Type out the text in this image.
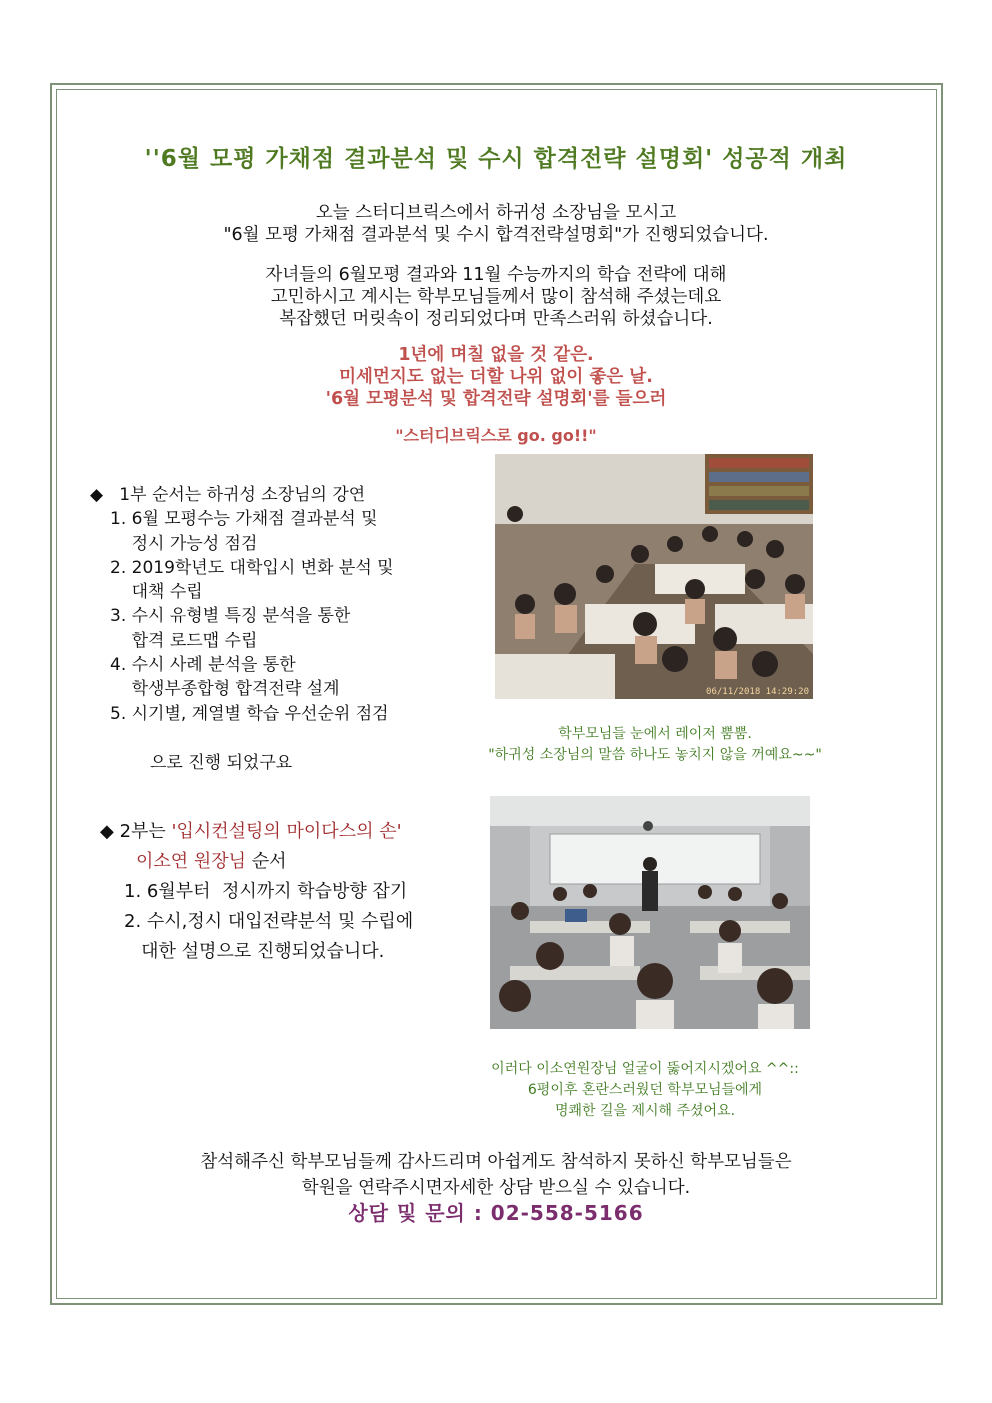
''6월 모평 가채점 결과분석 및 수시 합격전략 설명회' 성공적 개최
오늘 스터디브릭스에서 하귀성 소장님을 모시고
"6월 모평 가채점 결과분석 및 수시 합격전략설명회"가 진행되었습니다.
자녀들의 6월모평 결과와 11월 수능까지의 학습 전략에 대해
고민하시고 계시는 학부모님들께서 많이 참석해 주셨는데요
복잡했던 머릿속이 정리되었다며 만족스러워 하셨습니다.
1년에 며칠 없을 것 같은.
미세먼지도 없는 더할 나위 없이 좋은 날.
'6월 모평분석 및 합격전략 설명회'를 들으러
"스터디브릭스로 go. go!!"
◆ 1부 순서는 하귀성 소장님의 강연
1. 6월 모평수능 가채점 결과분석 및
정시 가능성 점검
2. 2019학년도 대학입시 변화 분석 및
대책 수립
3. 수시 유형별 특징 분석을 통한
합격 로드맵 수립
4. 수시 사례 분석을 통한
학생부종합형 합격전략 설계
5. 시기별, 계열별 학습 우선순위 점검
으로 진행 되었구요
06/11/2018 14:29:20
학부모님들 눈에서 레이저 뿜뿜.
"하귀성 소장님의 말씀 하나도 놓치지 않을 꺼예요~~"
◆ 2부는 '입시컨설팅의 마이다스의 손'
이소연 원장님 순서
1. 6월부터  정시까지 학습방향 잡기
2. 수시,정시 대입전략분석 및 수립에
대한 설명으로 진행되었습니다.
이러다 이소연원장님 얼굴이 뚫어지시겠어요 ^^::
6평이후 혼란스러웠던 학부모님들에게
명쾌한 길을 제시해 주셨어요.
참석해주신 학부모님들께 감사드리며 아쉽게도 참석하지 못하신 학부모님들은
학원을 연락주시면자세한 상담 받으실 수 있습니다.
상담 및 문의 : 02-558-5166
